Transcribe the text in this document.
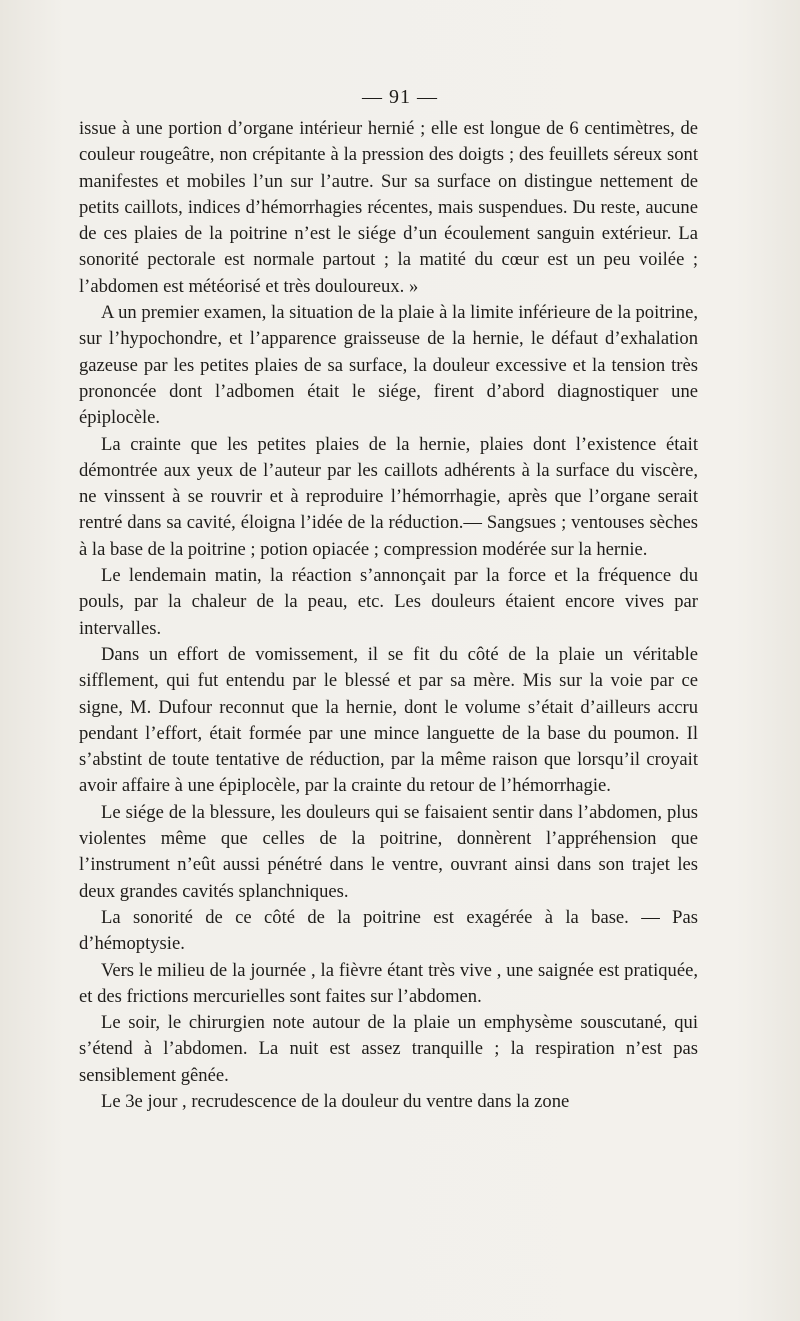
— 91 —

issue à une portion d’organe intérieur hernié ; elle est longue de 6 centimètres, de couleur rougeâtre, non crépitante à la pression des doigts ; des feuillets séreux sont manifestes et mobiles l’un sur l’autre. Sur sa surface on distingue nettement de petits caillots, indices d’hémorrhagies récentes, mais suspendues. Du reste, aucune de ces plaies de la poitrine n’est le siége d’un écoulement sanguin extérieur. La sonorité pectorale est normale partout ; la matité du cœur est un peu voilée ; l’abdomen est météorisé et très douloureux. »

A un premier examen, la situation de la plaie à la limite inférieure de la poitrine, sur l’hypochondre, et l’apparence graisseuse de la hernie, le défaut d’exhalation gazeuse par les petites plaies de sa surface, la douleur excessive et la tension très prononcée dont l’adbomen était le siége, firent d’abord diagnostiquer une épiplocèle.

La crainte que les petites plaies de la hernie, plaies dont l’existence était démontrée aux yeux de l’auteur par les caillots adhérents à la surface du viscère, ne vinssent à se rouvrir et à reproduire l’hémorrhagie, après que l’organe serait rentré dans sa cavité, éloigna l’idée de la réduction.— Sangsues ; ventouses sèches à la base de la poitrine ; potion opiacée ; compression modérée sur la hernie.

Le lendemain matin, la réaction s’annonçait par la force et la fréquence du pouls, par la chaleur de la peau, etc. Les douleurs étaient encore vives par intervalles.

Dans un effort de vomissement, il se fit du côté de la plaie un véritable sifflement, qui fut entendu par le blessé et par sa mère. Mis sur la voie par ce signe, M. Dufour reconnut que la hernie, dont le volume s’était d’ailleurs accru pendant l’effort, était formée par une mince languette de la base du poumon. Il s’abstint de toute tentative de réduction, par la même raison que lorsqu’il croyait avoir affaire à une épiplocèle, par la crainte du retour de l’hémorrhagie.

Le siége de la blessure, les douleurs qui se faisaient sentir dans l’abdomen, plus violentes même que celles de la poitrine, donnèrent l’appréhension que l’instrument n’eût aussi pénétré dans le ventre, ouvrant ainsi dans son trajet les deux grandes cavités splanchniques.

La sonorité de ce côté de la poitrine est exagérée à la base. — Pas d’hémoptysie.

Vers le milieu de la journée , la fièvre étant très vive , une saignée est pratiquée, et des frictions mercurielles sont faites sur l’abdomen.

Le soir, le chirurgien note autour de la plaie un emphysème souscutané, qui s’étend à l’abdomen. La nuit est assez tranquille ; la respiration n’est pas sensiblement gênée.

Le 3e jour , recrudescence de la douleur du ventre dans la zone
